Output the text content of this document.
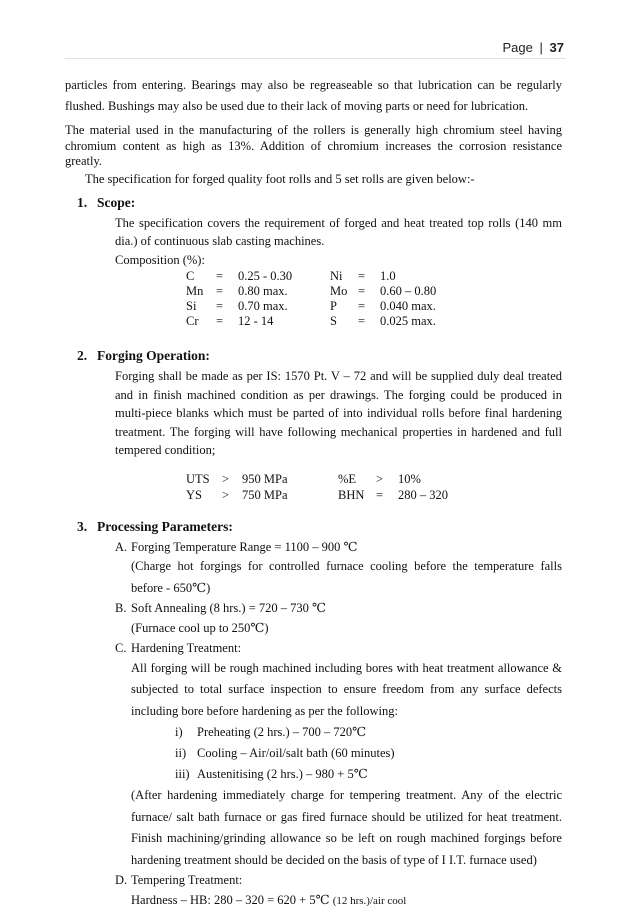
Page | 37

particles from entering. Bearings may also be regreaseable so that lubrication can be regularly flushed. Bushings may also be used due to their lack of moving parts or need for lubrication.

The material used in the manufacturing of the rollers is generally high chromium steel having chromium content as high as 13%. Addition of chromium increases the corrosion resistance greatly.

The specification for forged quality foot rolls and 5 set rolls are given below:-

1. Scope:

The specification covers the requirement of forged and heat treated top rolls (140 mm dia.) of continuous slab casting machines.

Composition (%):

C	=	0.25 - 0.30	Ni	=	1.0
Mn	=	0.80 max.	Mo	=	0.60 – 0.80
Si	=	0.70 max.	P	=	0.040 max.
Cr	=	12 - 14	S	=	0.025 max.
2. Forging Operation:

Forging shall be made as per IS: 1570 Pt. V – 72 and will be supplied duly deal treated and in finish machined condition as per drawings. The forging could be produced in multi-piece blanks which must be parted of into individual rolls before final hardening treatment. The forging will have following mechanical properties in hardened and full tempered condition;

UTS	>	950 MPa	%E	>	10%
YS	>	750 MPa	BHN	=	280 – 320
3. Processing Parameters:
A. Forging Temperature Range = 1100 – 900 ℃
(Charge hot forgings for controlled furnace cooling before the temperature falls before - 650℃)
B. Soft Annealing (8 hrs.) = 720 – 730 ℃
(Furnace cool up to 250℃)
C. Hardening Treatment:
All forging will be rough machined including bores with heat treatment allowance & subjected to total surface inspection to ensure freedom from any surface defects including bore before hardening as per the following:
i) Preheating (2 hrs.) – 700 – 720℃
ii) Cooling – Air/oil/salt bath (60 minutes)
iii) Austenitising (2 hrs.) – 980 + 5℃
(After hardening immediately charge for tempering treatment. Any of the electric furnace/ salt bath furnace or gas fired furnace should be utilized for heat treatment. Finish machining/grinding allowance so be left on rough machined forgings before hardening treatment should be decided on the basis of type of I I.T. furnace used)
D. Tempering Treatment:
Hardness – HB: 280 – 320 = 620 + 5℃ (12 hrs.)/air cool
